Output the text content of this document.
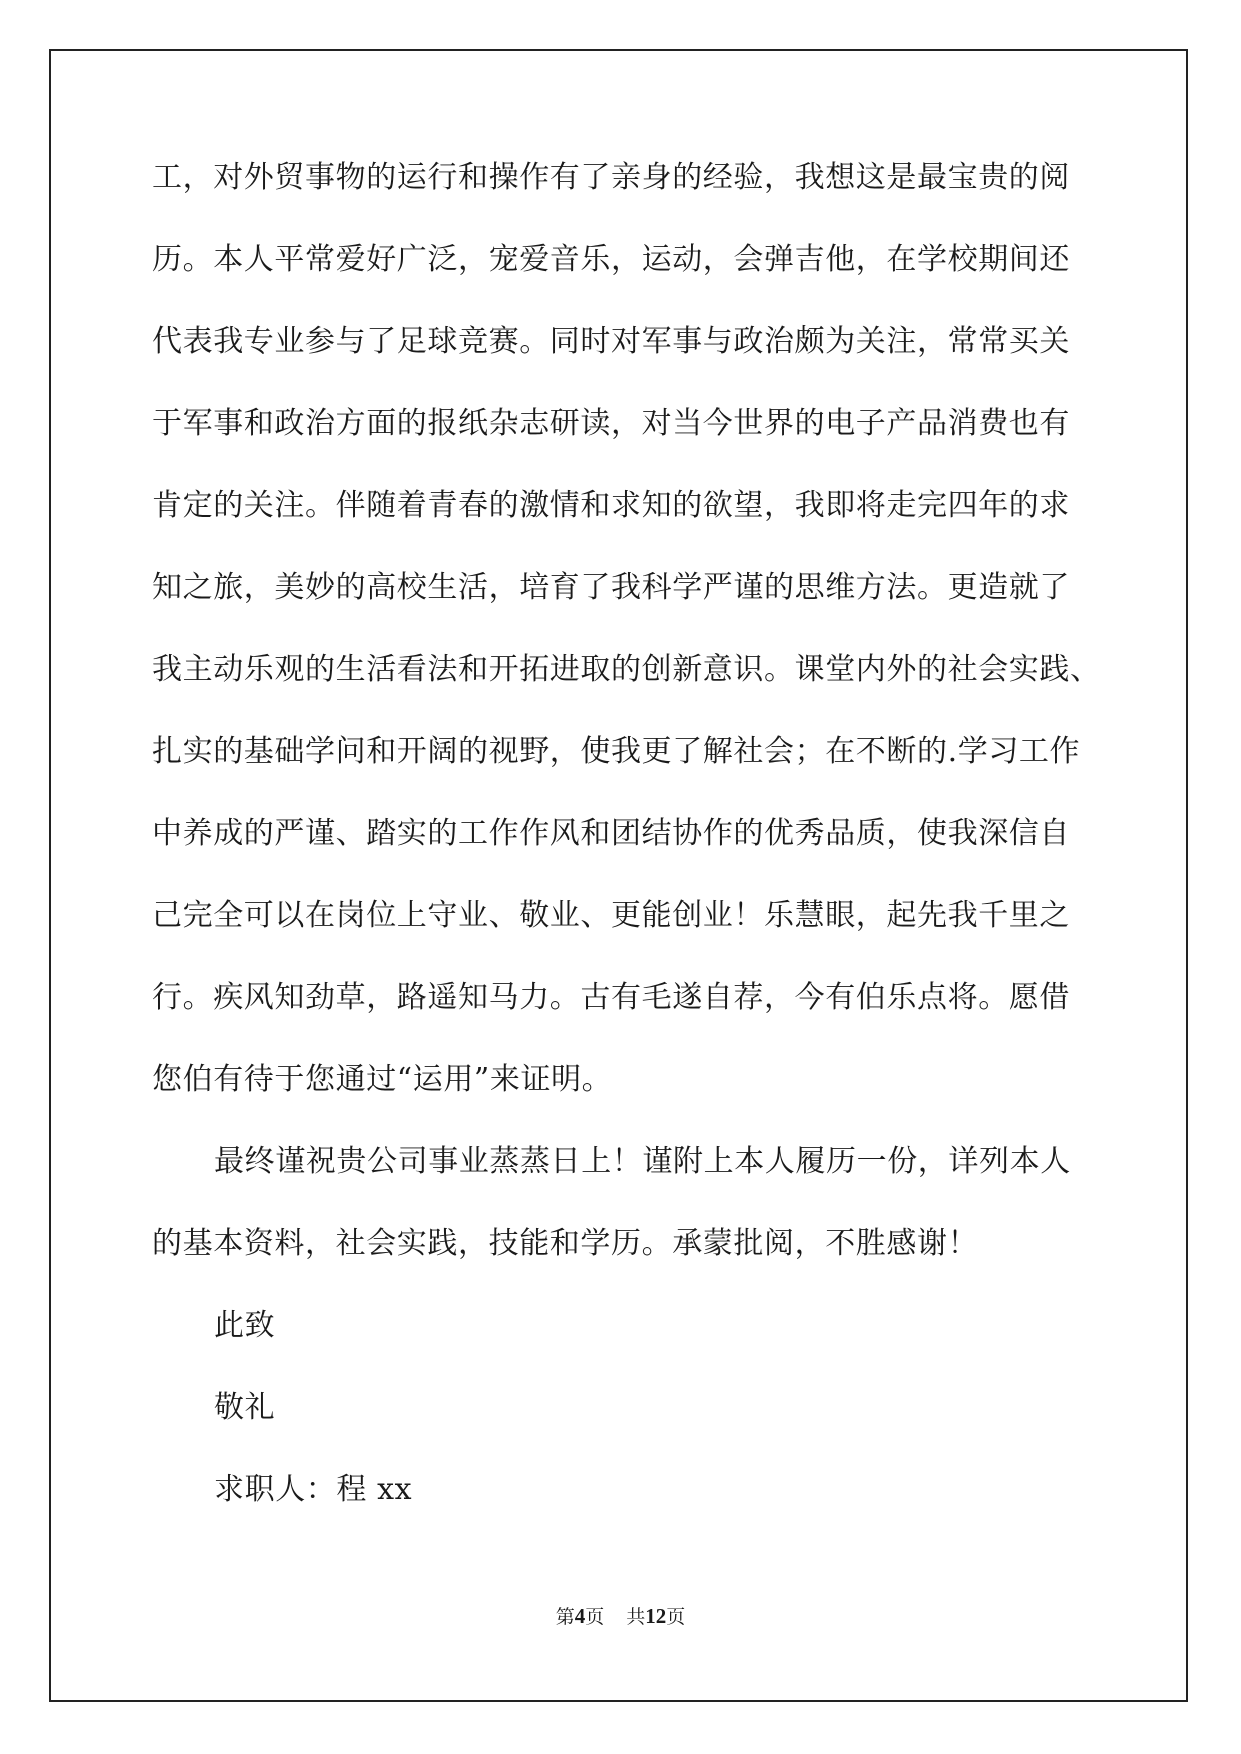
工，对外贸事物的运行和操作有了亲身的经验，我想这是最宝贵的阅
历。本人平常爱好广泛，宠爱音乐，运动，会弹吉他，在学校期间还
代表我专业参与了足球竞赛。同时对军事与政治颇为关注，常常买关
于军事和政治方面的报纸杂志研读，对当今世界的电子产品消费也有
肯定的关注。伴随着青春的激情和求知的欲望，我即将走完四年的求
知之旅，美妙的高校生活，培育了我科学严谨的思维方法。更造就了
我主动乐观的生活看法和开拓进取的创新意识。课堂内外的社会实践、
扎实的基础学问和开阔的视野，使我更了解社会；在不断的.学习工作
中养成的严谨、踏实的工作作风和团结协作的优秀品质，使我深信自
己完全可以在岗位上守业、敬业、更能创业！乐慧眼，起先我千里之
行。疾风知劲草，路遥知马力。古有毛遂自荐，今有伯乐点将。愿借
您伯有待于您通过“运用”来证明。
最终谨祝贵公司事业蒸蒸日上！谨附上本人履历一份，详列本人
的基本资料，社会实践，技能和学历。承蒙批阅，不胜感谢！
此致
敬礼
求职人：程 xx
第4页 共12页
